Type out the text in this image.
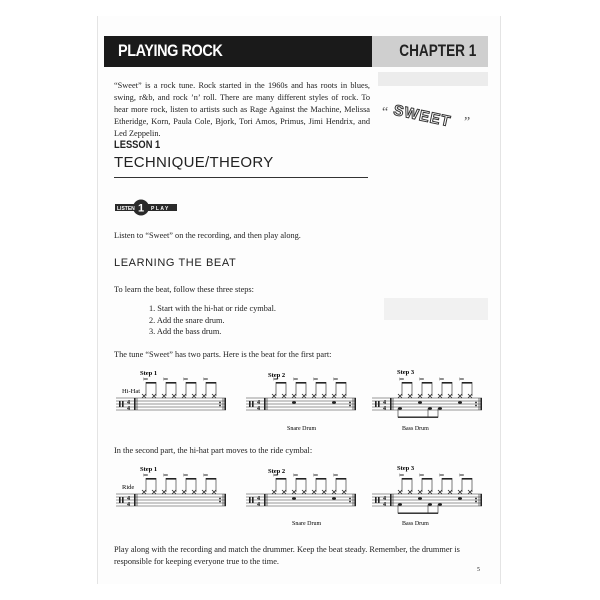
PLAYING ROCK	CHAPTER 1
“Sweet” is a rock tune. Rock started in the 1960s and has roots in blues, swing, r&b, and rock ’n’ roll. There are many different styles of rock. To hear more rock, listen to artists such as Rage Against the Machine, Melissa Etheridge, Korn, Paula Cole, Bjork, Tori Amos, Primus, Jimi Hendrix, and Led Zeppelin.
“ SWEET ”
LESSON 1
TECHNIQUE/THEORY
LISTEN 1 PLAY
Listen to “Sweet” on the recording, and then play along.
LEARNING THE BEAT
To learn the beat, follow these three steps:
1. Start with the hi-hat or ride cymbal.
2. Add the snare drum.
3. Add the bass drum.
The tune “Sweet” has two parts. Here is the beat for the first part:
Step 1	Step 2	Step 3
Hi-Hat
Snare Drum	Bass Drum
4
4
4
4
4
4
In the second part, the hi-hat part moves to the ride cymbal:
Step 1	Step 2	Step 3
Ride
Snare Drum	Bass Drum
4
4
4
4
4
4
Play along with the recording and match the drummer. Keep the beat steady. Remember, the drummer is
responsible for keeping everyone true to the time.
5
